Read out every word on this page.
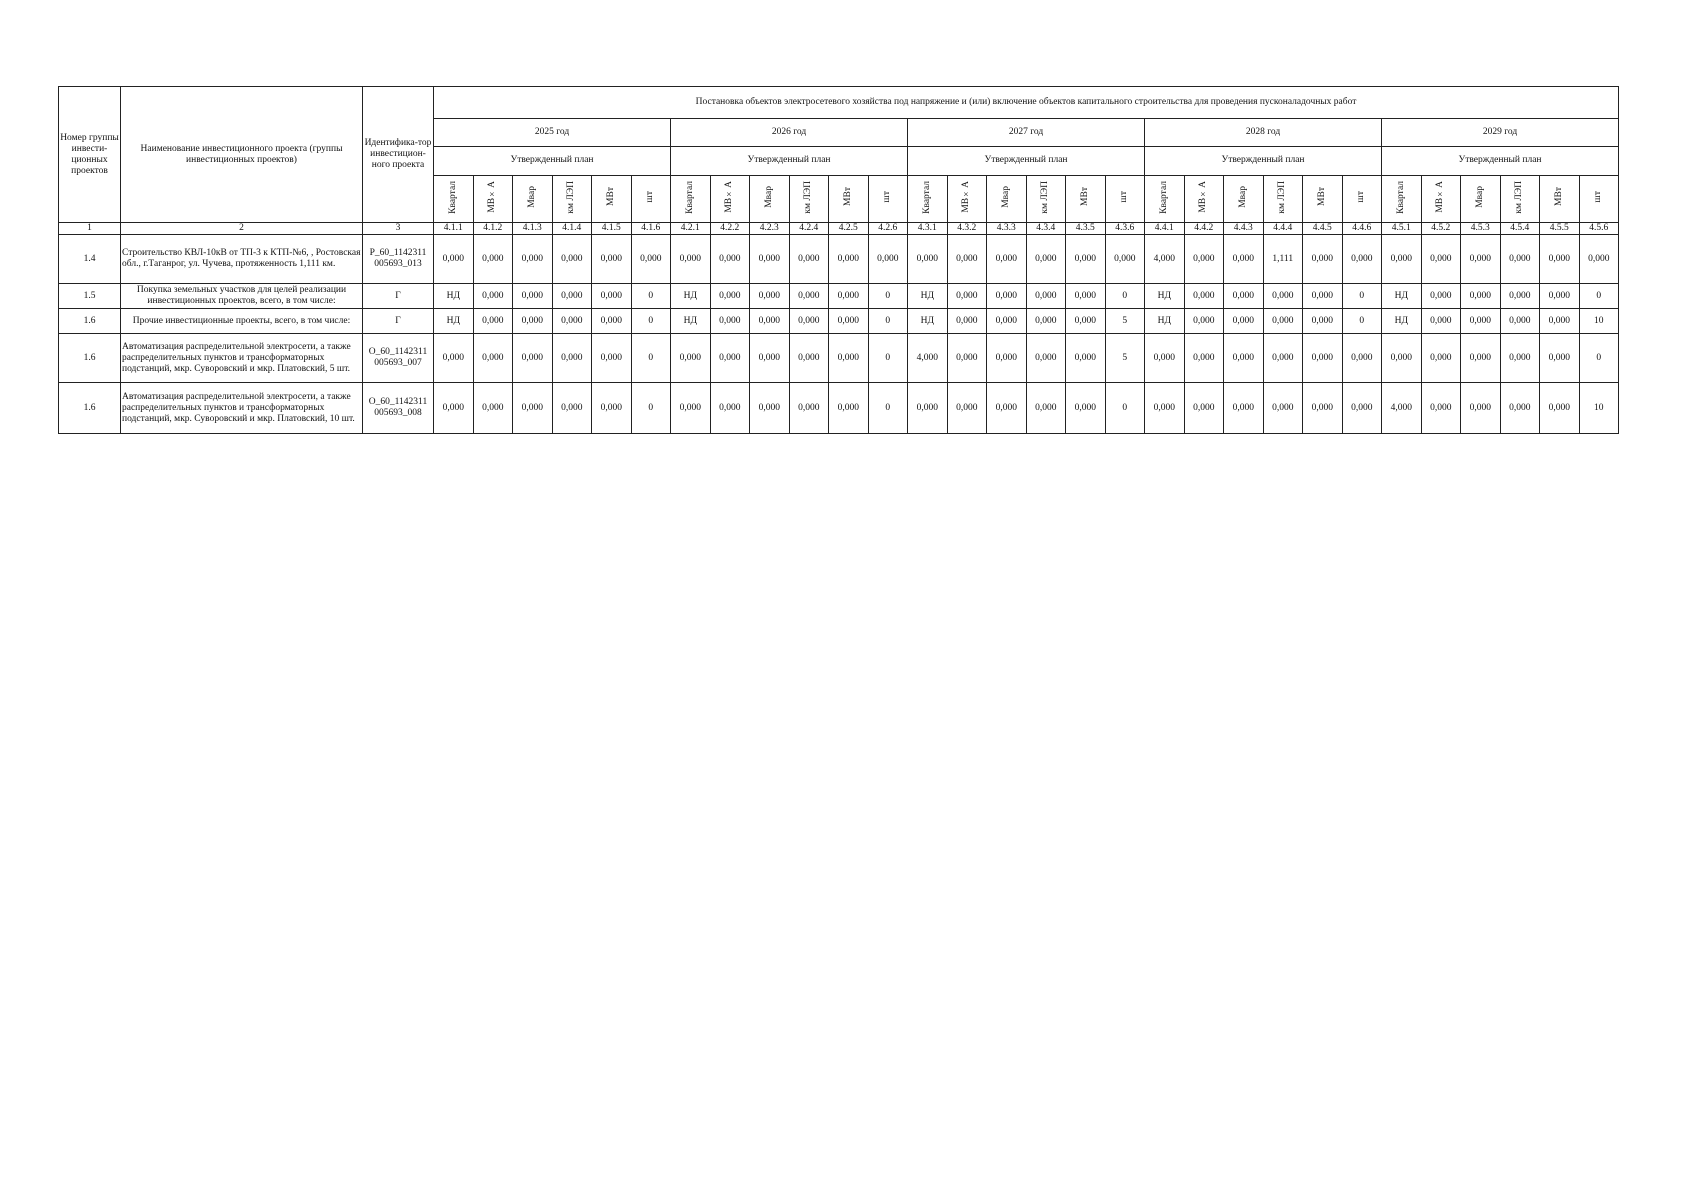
Номер группы инвести-ционных проектов	Наименование инвестиционного проекта (группы инвестиционных проектов)	Идентифика-тор инвестицион-ного проекта	Постановка объектов электросетевого хозяйства под напряжение и (или) включение объектов капитального строительства для проведения пусконаладочных работ																													
			2025 год						2026 год						2027 год						2028 год						2029 год					
			Утвержденный план						Утвержденный план						Утвержденный план						Утвержденный план						Утвержденный план					
			Квартал	МВ×А	Мвар	км ЛЭП	МВт	шт	Квартал	МВ×А	Мвар	км ЛЭП	МВт	шт	Квартал	МВ×А	Мвар	км ЛЭП	МВт	шт	Квартал	МВ×А	Мвар	км ЛЭП	МВт	шт	Квартал	МВ×А	Мвар	км ЛЭП	МВт	шт
1	2	3	4.1.1	4.1.2	4.1.3	4.1.4	4.1.5	4.1.6	4.2.1	4.2.2	4.2.3	4.2.4	4.2.5	4.2.6	4.3.1	4.3.2	4.3.3	4.3.4	4.3.5	4.3.6	4.4.1	4.4.2	4.4.3	4.4.4	4.4.5	4.4.6	4.5.1	4.5.2	4.5.3	4.5.4	4.5.5	4.5.6
1.4	Строительство КВЛ-10кВ от ТП-3 к КТП-№6, , Ростовская обл., г.Таганрог, ул. Чучева, протяженность 1,111 км.	P_60_1142311 005693_013	0,000	0,000	0,000	0,000	0,000	0,000	0,000	0,000	0,000	0,000	0,000	0,000	0,000	0,000	0,000	0,000	0,000	0,000	4,000	0,000	0,000	1,111	0,000	0,000	0,000	0,000	0,000	0,000	0,000	0,000
1.5	Покупка земельных участков для целей реализации инвестиционных проектов, всего, в том числе:	Г	НД	0,000	0,000	0,000	0,000	0	НД	0,000	0,000	0,000	0,000	0	НД	0,000	0,000	0,000	0,000	0	НД	0,000	0,000	0,000	0,000	0	НД	0,000	0,000	0,000	0,000	0
1.6	Прочие инвестиционные проекты, всего, в том числе:	Г	НД	0,000	0,000	0,000	0,000	0	НД	0,000	0,000	0,000	0,000	0	НД	0,000	0,000	0,000	0,000	5	НД	0,000	0,000	0,000	0,000	0	НД	0,000	0,000	0,000	0,000	10
1.6	Автоматизация распределительной электросети, а также распределительных пунктов и трансформаторных подстанций, мкр. Суворовский и мкр. Платовский, 5 шт.	O_60_1142311 005693_007	0,000	0,000	0,000	0,000	0,000	0	0,000	0,000	0,000	0,000	0,000	0	4,000	0,000	0,000	0,000	0,000	5	0,000	0,000	0,000	0,000	0,000	0,000	0,000	0,000	0,000	0,000	0,000	0
1.6	Автоматизация распределительной электросети, а также распределительных пунктов и трансформаторных подстанций, мкр. Суворовский и мкр. Платовский, 10 шт.	O_60_1142311 005693_008	0,000	0,000	0,000	0,000	0,000	0	0,000	0,000	0,000	0,000	0,000	0	0,000	0,000	0,000	0,000	0,000	0	0,000	0,000	0,000	0,000	0,000	0,000	4,000	0,000	0,000	0,000	0,000	10
